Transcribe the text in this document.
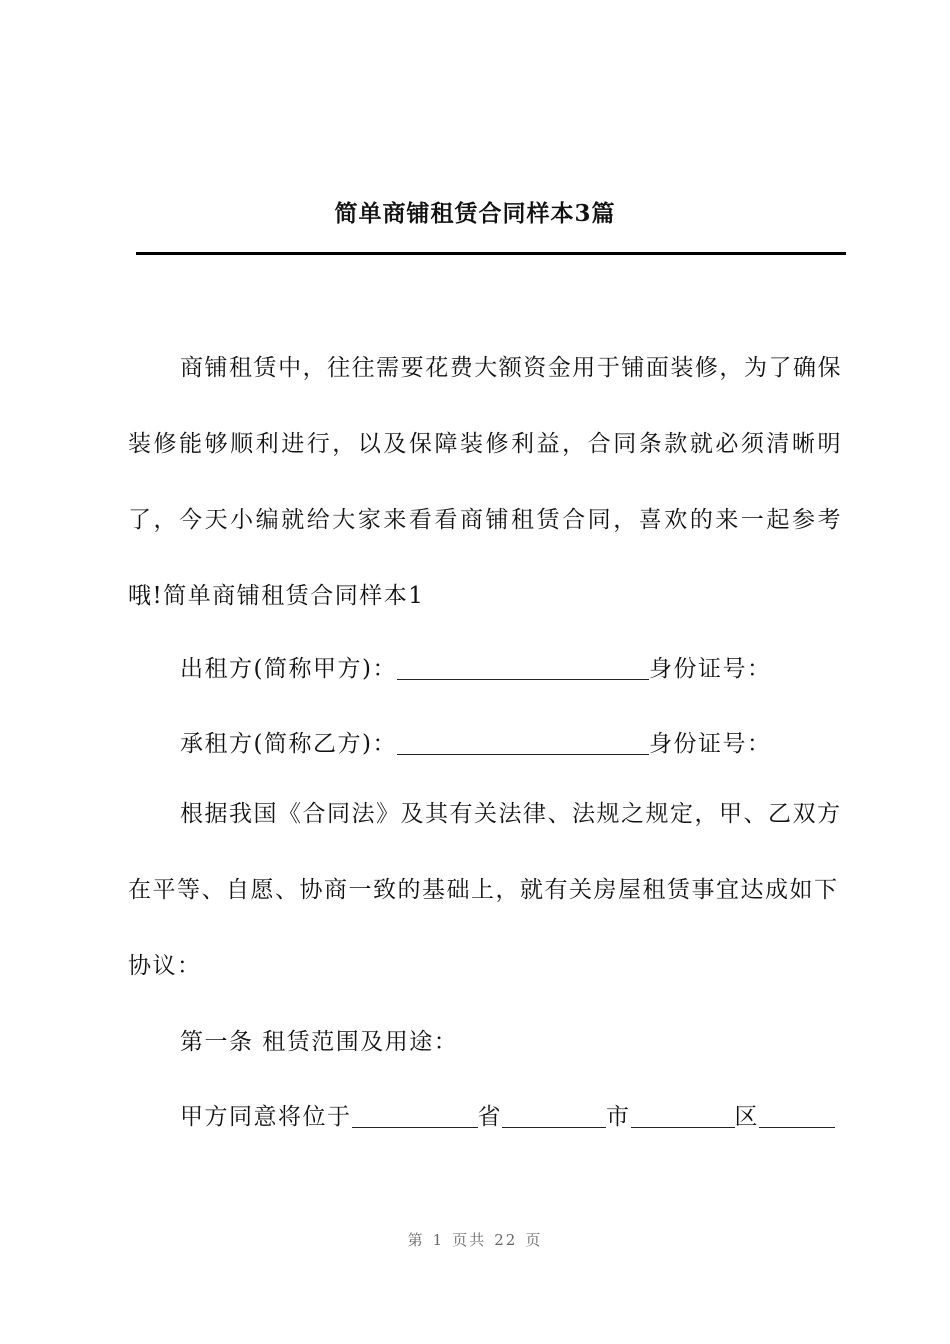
简单商铺租赁合同样本3篇

商铺租赁中，往往需要花费大额资金用于铺面装修，为了确保装修能够顺利进行，以及保障装修利益，合同条款就必须清晰明了，今天小编就给大家来看看商铺租赁合同，喜欢的来一起参考哦!简单商铺租赁合同样本1

出租方(简称甲方)：	身份证号：
承租方(简称乙方)：	身份证号：

根据我国《合同法》及其有关法律、法规之规定，甲、乙双方在平等、自愿、协商一致的基础上，就有关房屋租赁事宜达成如下协议：

第一条 租赁范围及用途：
甲方同意将位于	省	市	区
第 1 页共 22 页
